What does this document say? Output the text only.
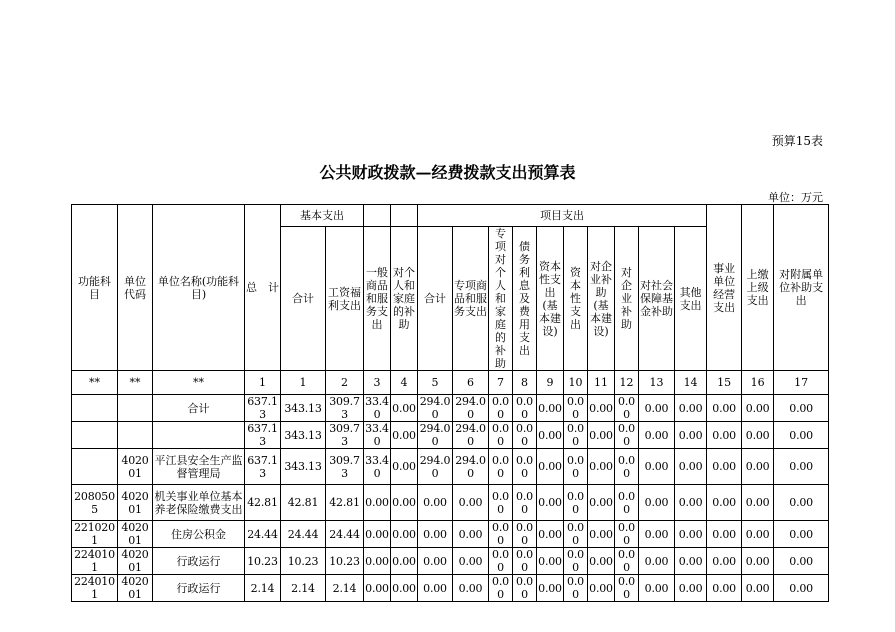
预算15表
公共财政拨款—经费拨款支出预算表
单位：万元
功能科目	单位代码	单位名称(功能科目)	总　计	基本支出				项目支出										事业单位经营支出	上缴上级支出	对附属单位补助支出
				合计	工资福利支出	一般商品和服务支出	对个人和家庭的补助	合计	专项商品和服务支出	专项对个人和家庭的补助	债务利息及费用支出	资本性支出(基本建设)	资本性支出	对企业补助(基本建设)	对企业补助	对社会保障基金补助	其他支出			
**	**	**	1	1	2	3	4	5	6	7	8	9	10	11	12	13	14	15	16	17
		合计	637.13	343.13	309.73	33.40	0.00	294.00	294.00	0.00	0.00	0.00	0.00	0.00	0.00	0.00	0.00	0.00	0.00	0.00
			637.13	343.13	309.73	33.40	0.00	294.00	294.00	0.00	0.00	0.00	0.00	0.00	0.00	0.00	0.00	0.00	0.00	0.00
	402001	平江县安全生产监督管理局	637.13	343.13	309.73	33.40	0.00	294.00	294.00	0.00	0.00	0.00	0.00	0.00	0.00	0.00	0.00	0.00	0.00	0.00
2080505	402001	机关事业单位基本养老保险缴费支出	42.81	42.81	42.81	0.00	0.00	0.00	0.00	0.00	0.00	0.00	0.00	0.00	0.00	0.00	0.00	0.00	0.00	0.00
2210201	402001	住房公积金	24.44	24.44	24.44	0.00	0.00	0.00	0.00	0.00	0.00	0.00	0.00	0.00	0.00	0.00	0.00	0.00	0.00	0.00
2240101	402001	行政运行	10.23	10.23	10.23	0.00	0.00	0.00	0.00	0.00	0.00	0.00	0.00	0.00	0.00	0.00	0.00	0.00	0.00	0.00
2240101	402001	行政运行	2.14	2.14	2.14	0.00	0.00	0.00	0.00	0.00	0.00	0.00	0.00	0.00	0.00	0.00	0.00	0.00	0.00	0.00
